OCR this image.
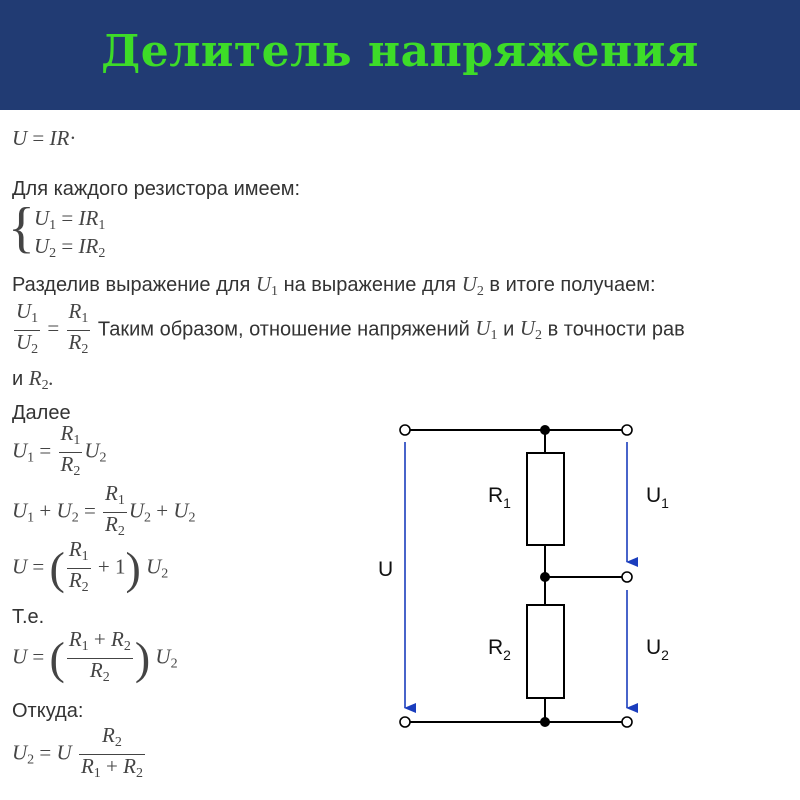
Делитель напряжения
U = IR·
Для каждого резистора имеем:
{ $U_1 = IR_1$
$U_2 = IR_2$
Разделив выражение для $U_1$ на выражение для $U_2$ в итоге получаем:
$\frac{U_1}{U_2} = \frac{R_1}{R_2}$ Таким образом, отношение напряжений $U_1$ и $U_2$ в точности рав
и $R_2$.
Далее
$U_1 = \frac{R_1}{R_2} U_2$
$U_1 + U_2 = \frac{R_1}{R_2} U_2 + U_2$
U = ( $\frac{R_1}{R_2} + 1$) $U_2$
Т.е.
U = ( $\frac{R_1 + R_2}{R_2}$ ) $U_2$
Откуда:
$U_2 = U \frac{R_2}{R_1 + R_2}$
U
$R_1$
$R_2$
$U_1$
$U_2$
